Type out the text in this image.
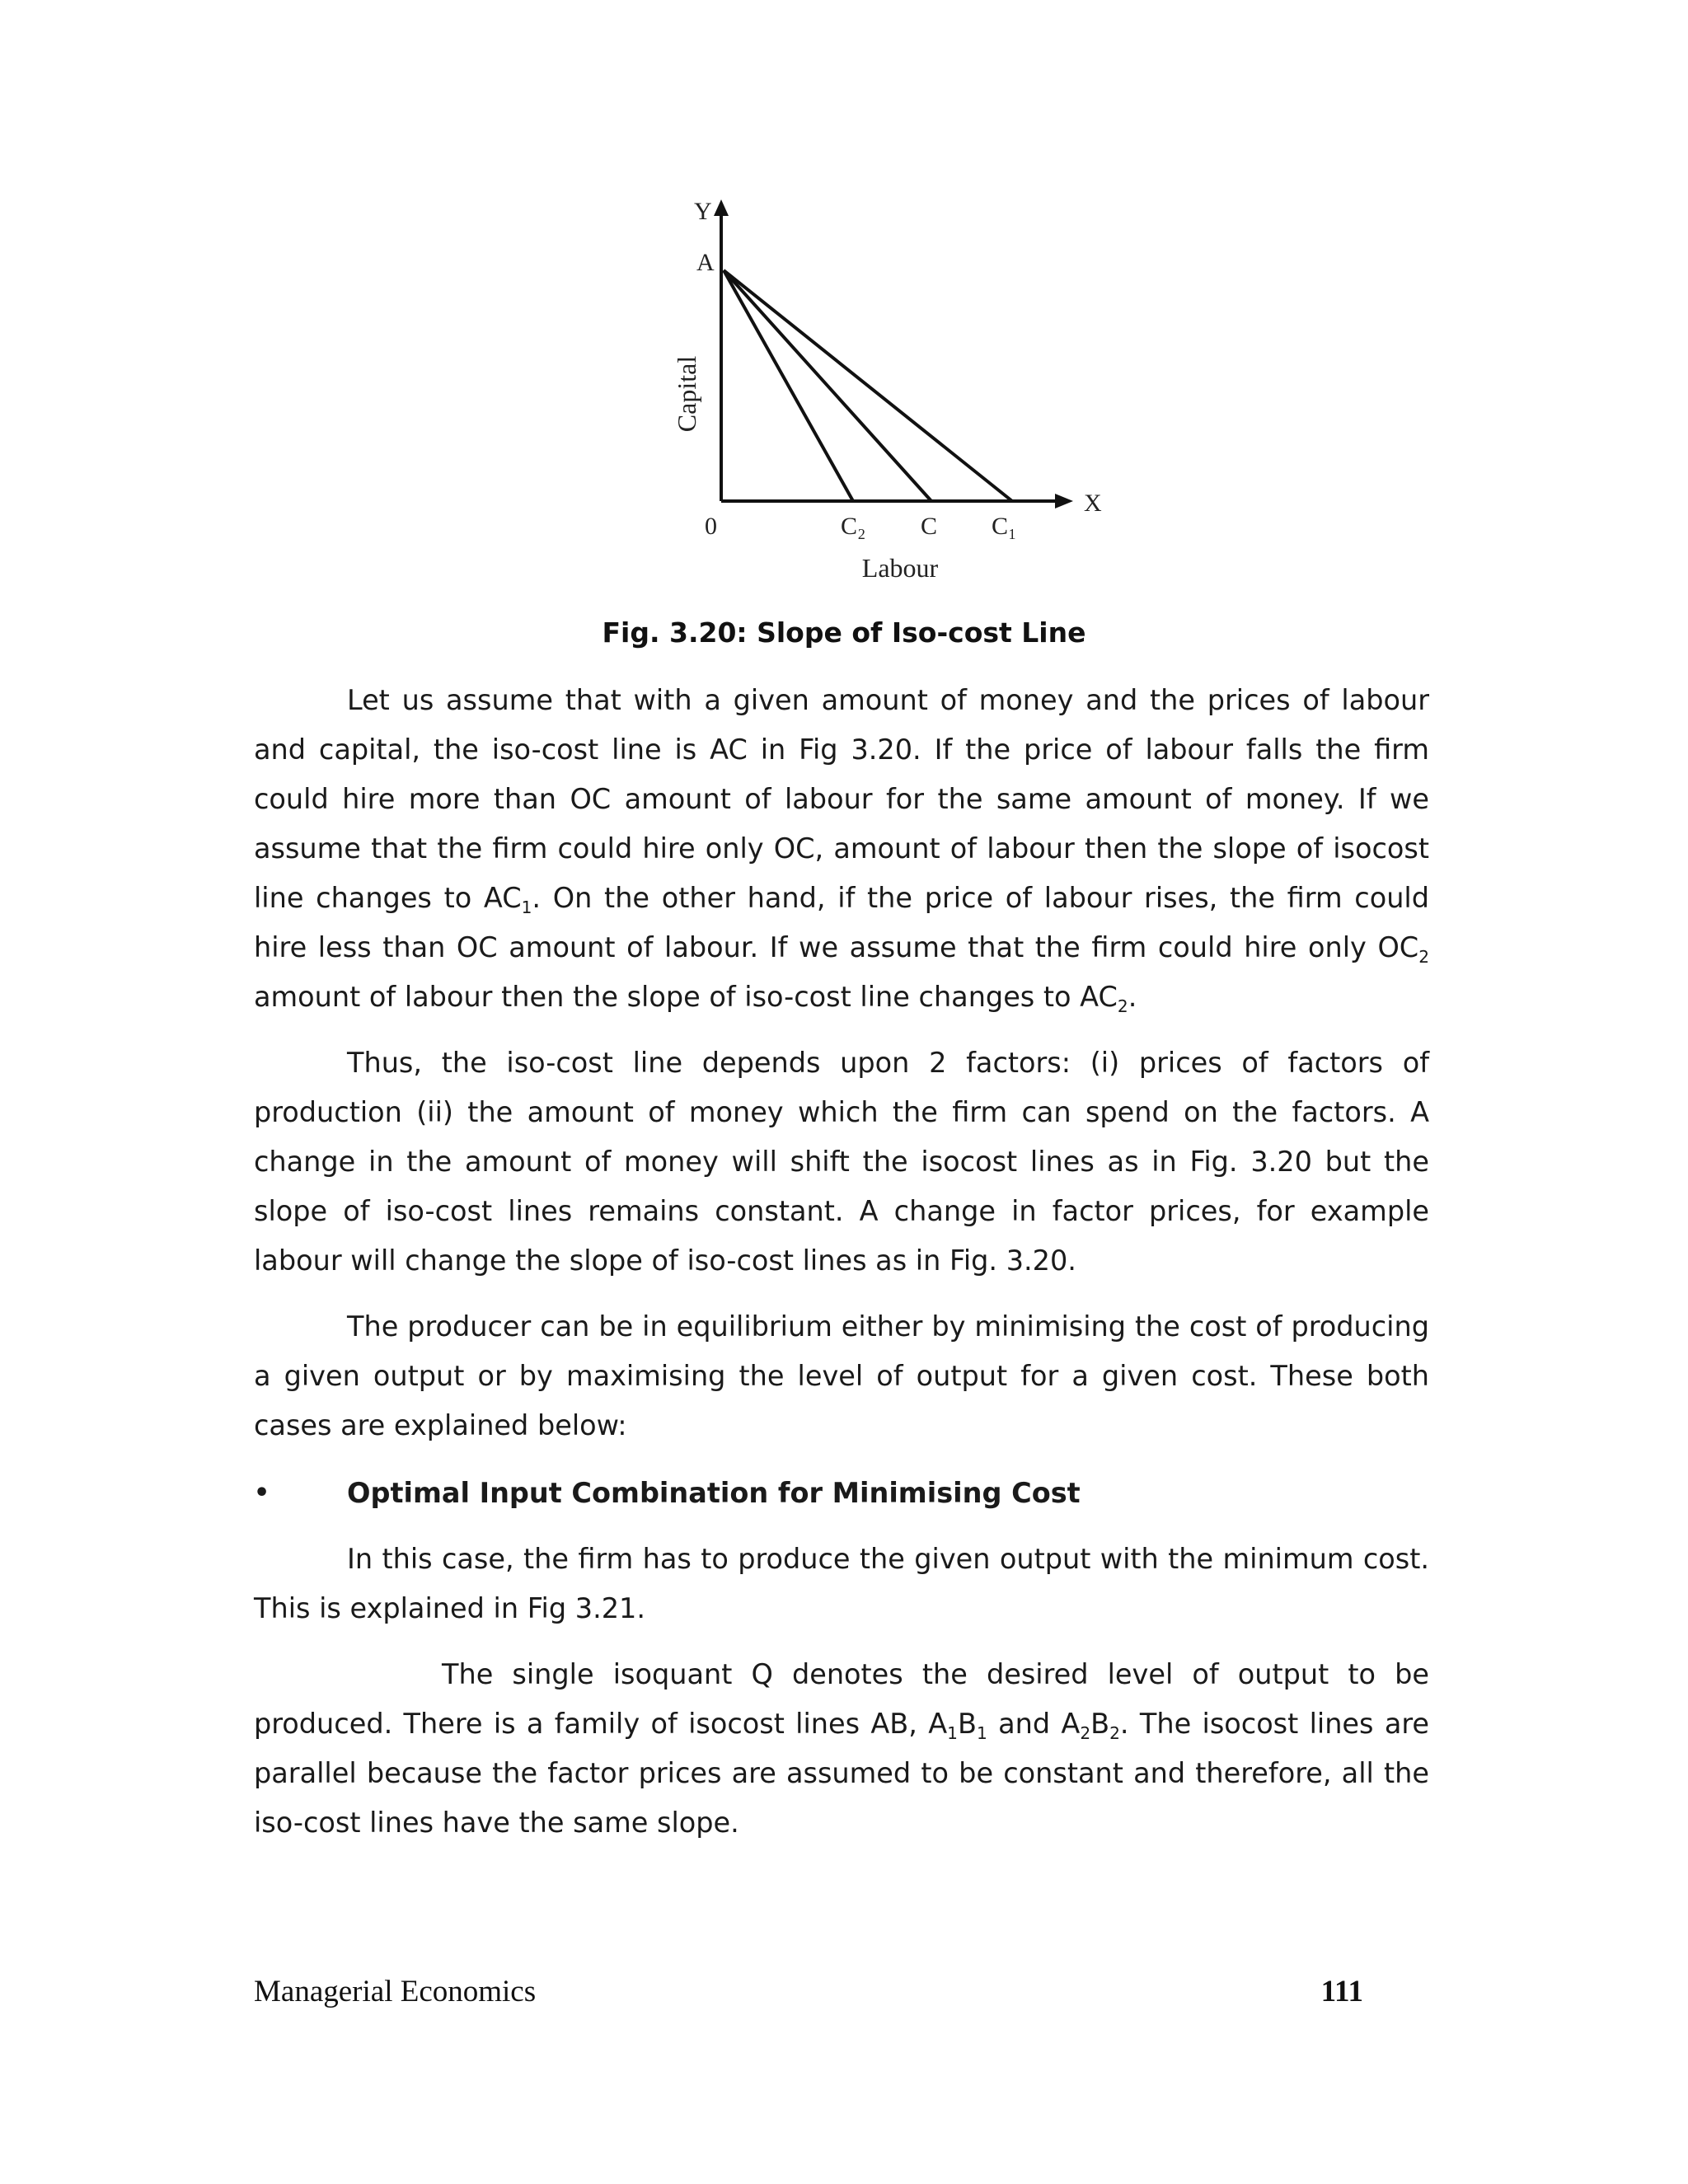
Y
A
Capital
X
0	C₂ C C₁
Labour
Fig. 3.20: Slope of Iso-cost Line

Let us assume that with a given amount of money and the prices of labour and capital, the iso-cost line is AC in Fig 3.20. If the price of labour falls the firm could hire more than OC amount of labour for the same amount of money. If we assume that the firm could hire only OC, amount of labour then the slope of isocost line changes to $AC_1$. On the other hand, if the price of labour rises, the firm could hire less than OC amount of labour. If we assume that the firm could hire only $OC_2$ amount of labour then the slope of iso-cost line changes to $AC_2$.

Thus, the iso-cost line depends upon 2 factors: (i) prices of factors of production (ii) the amount of money which the firm can spend on the factors. A change in the amount of money will shift the isocost lines as in Fig. 3.20 but the slope of iso-cost lines remains constant. A change in factor prices, for example labour will change the slope of iso-cost lines as in Fig. 3.20.

The producer can be in equilibrium either by minimising the cost of producing a given output or by maximising the level of output for a given cost. These both cases are explained below:

•	Optimal Input Combination for Minimising Cost

In this case, the firm has to produce the given output with the minimum cost. This is explained in Fig 3.21.

The single isoquant Q denotes the desired level of output to be produced. There is a family of isocost lines AB, $A_1B_1$ and $A_2B_2$. The isocost lines are parallel because the factor prices are assumed to be constant and therefore, all the iso-cost lines have the same slope.

Managerial Economics	111
